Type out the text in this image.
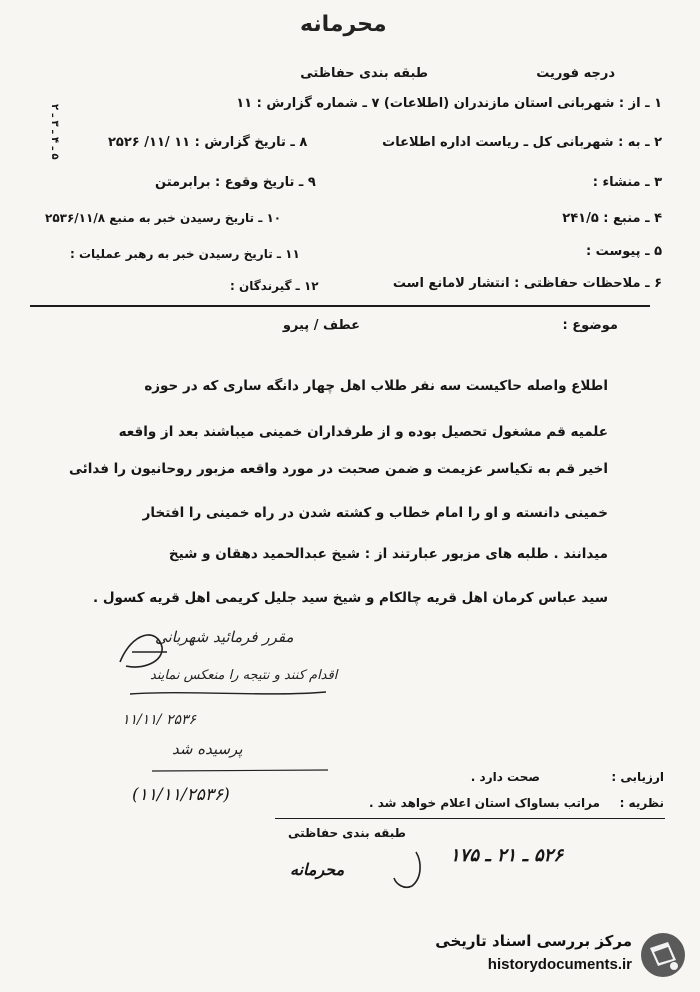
محرمانه
درجه فوریت
طبقه بندی حفاظتی
۱ ـ از : شهربانی استان مازندران (اطلاعات) ۷ ـ شماره گزارش : ۱۱
۵ ـ ۴ ـ ۳ ـ ۲
۲ ـ به : شهربانی کل ـ ریاست اداره اطلاعات
۸ ـ تاریخ گزارش : ۱۱ /۱۱/ ۲۵۲۶
۳ ـ منشاء :
۹ ـ تاریخ وقوع : برابرمتن
۴ ـ منبع : ۲۴۱/۵
۱۰ ـ تاریخ رسیدن خبر به منبع ۲۵۳۶/۱۱/۸
۵ ـ پیوست :
۱۱ ـ تاریخ رسیدن خبر به رهبر عملیات :
۶ ـ ملاحظات حفاظتی : انتشار لامانع است
۱۲ ـ گیرندگان :
موضوع :
عطف / پیرو
اطلاع واصله حاکیست سه نفر طلاب اهل چهار دانگه ساری که در حوزه
علمیه قم مشغول تحصیل بوده و از طرفداران خمینی میباشند بعد از واقعه
اخیر قم به تکیاسر عزیمت و ضمن صحبت در مورد واقعه مزبور روحانیون را فدائی
خمینی دانسته و او را امام خطاب و کشته شدن در راه خمینی را افتخار
میدانند . طلبه های مزبور عبارتند از : شیخ عبدالحمید دهقان و شیخ
سید عباس کرمان اهل قریه چالکام و شیخ سید جلیل کریمی اهل قریه کسول .
مقرر فرمائید شهربانی
اقدام کنند و نتیجه را منعکس نمایند
۱۱/۱۱/ ۲۵۳۶
پرسیده شد
(۱۱/۱۱/۲۵۳۶)
ارزیابی :
صحت دارد .
نظریه :
مراتب بساواک استان اعلام خواهد شد .
طبقه بندی حفاظتی
محرمانه
۵۲۶ ـ ۲۱ ـ ۱۷۵
مرکز بررسی اسناد تاریخی
historydocuments.ir
